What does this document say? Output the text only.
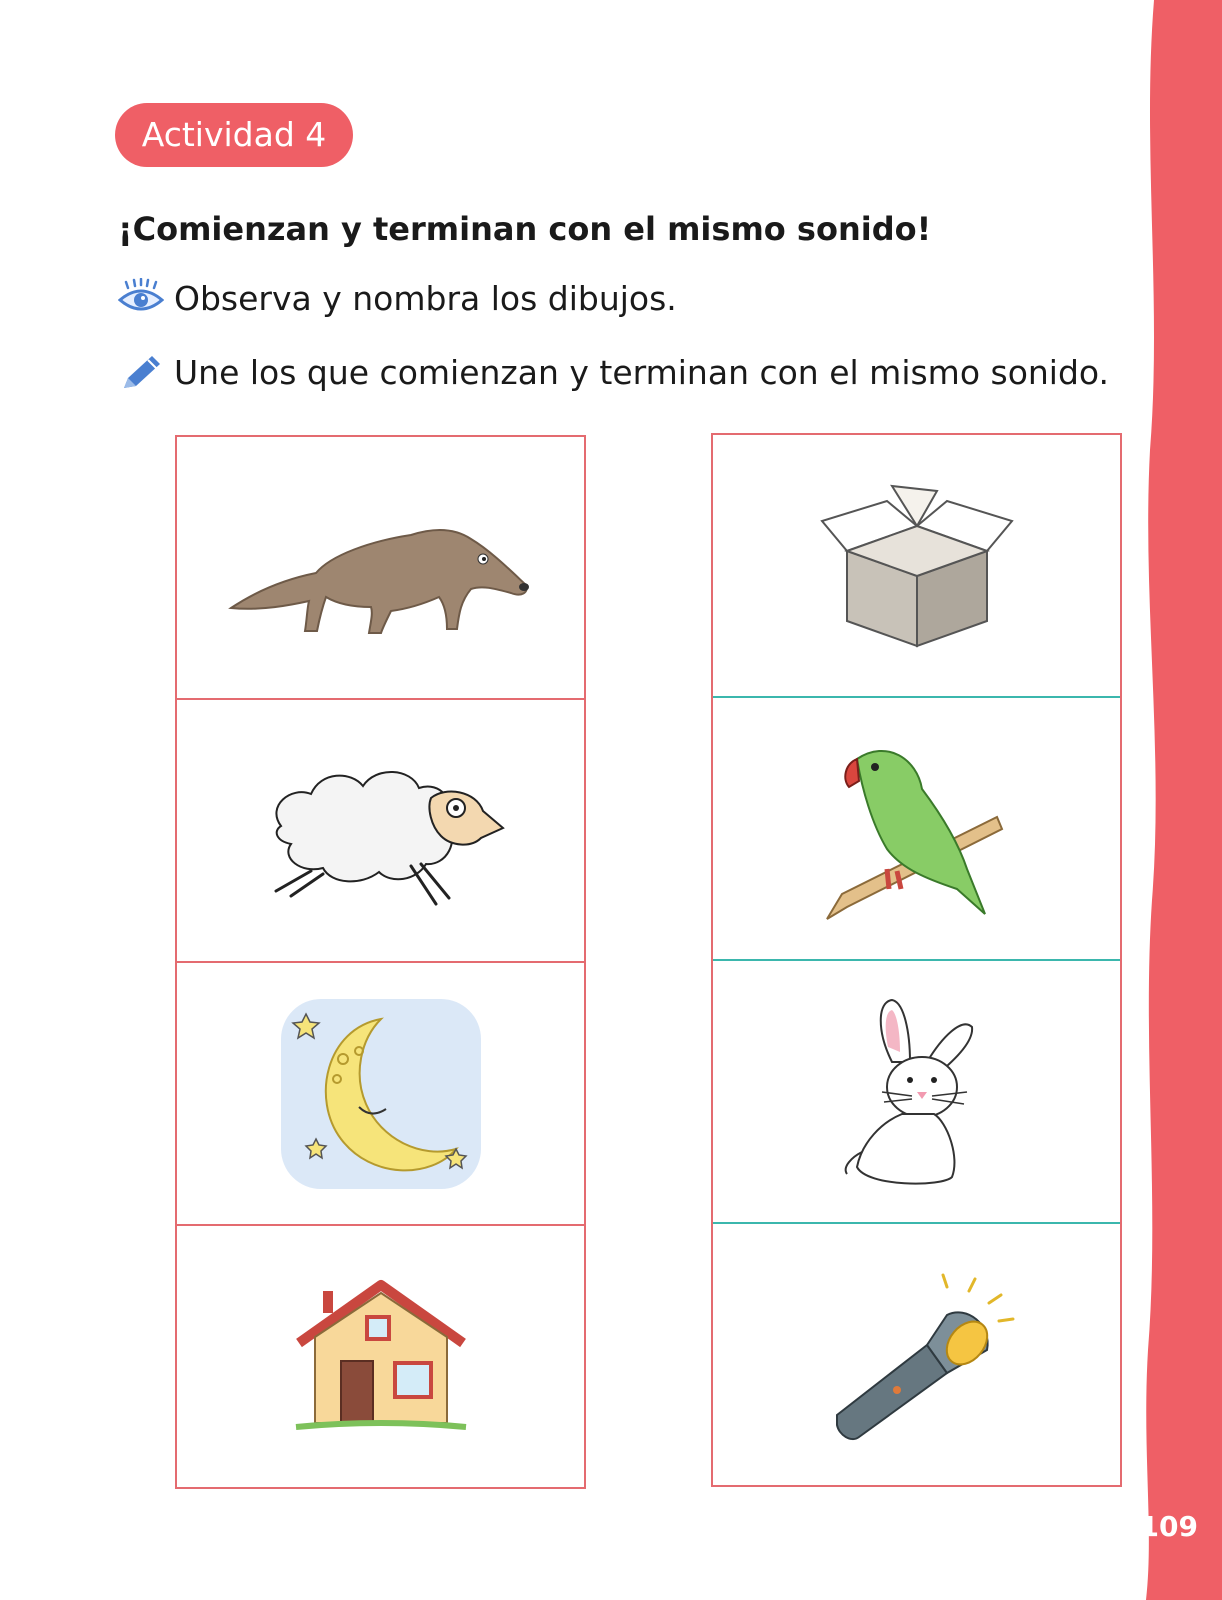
Actividad 4
¡Comienzan y terminan con el mismo sonido!
Observa y nombra los dibujos.
Une los que comienzan y terminan con el mismo sonido.
109
